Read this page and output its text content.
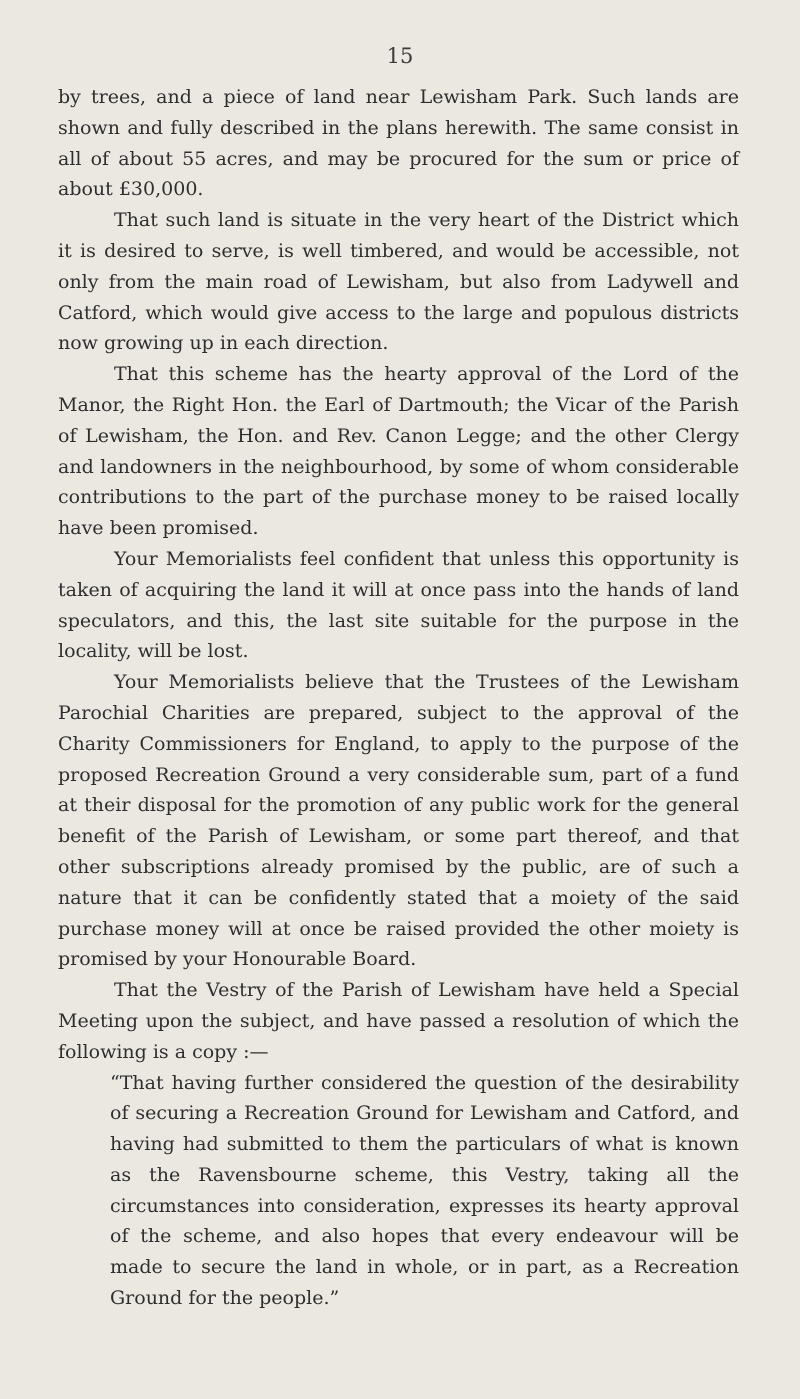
15

by trees, and a piece of land near Lewisham Park. Such lands are shown and fully described in the plans herewith. The same consist in all of about 55 acres, and may be procured for the sum or price of about £30,000.

That such land is situate in the very heart of the District which it is desired to serve, is well timbered, and would be accessible, not only from the main road of Lewisham, but also from Ladywell and Catford, which would give access to the large and populous districts now growing up in each direction.

That this scheme has the hearty approval of the Lord of the Manor, the Right Hon. the Earl of Dartmouth; the Vicar of the Parish of Lewisham, the Hon. and Rev. Canon Legge; and the other Clergy and landowners in the neighbourhood, by some of whom considerable contributions to the part of the purchase money to be raised locally have been promised.

Your Memorialists feel confident that unless this opportunity is taken of acquiring the land it will at once pass into the hands of land speculators, and this, the last site suitable for the purpose in the locality, will be lost.

Your Memorialists believe that the Trustees of the Lewisham Parochial Charities are prepared, subject to the approval of the Charity Commissioners for England, to apply to the purpose of the proposed Recreation Ground a very considerable sum, part of a fund at their disposal for the promotion of any public work for the general benefit of the Parish of Lewisham, or some part thereof, and that other subscriptions already promised by the public, are of such a nature that it can be confidently stated that a moiety of the said purchase money will at once be raised provided the other moiety is promised by your Honourable Board.

That the Vestry of the Parish of Lewisham have held a Special Meeting upon the subject, and have passed a resolution of which the following is a copy :—

“That having further considered the question of the desirability of securing a Recreation Ground for Lewisham and Catford, and having had submitted to them the particulars of what is known as the Ravensbourne scheme, this Vestry, taking all the circumstances into consideration, expresses its hearty approval of the scheme, and also hopes that every endeavour will be made to secure the land in whole, or in part, as a Recreation Ground for the people.”
